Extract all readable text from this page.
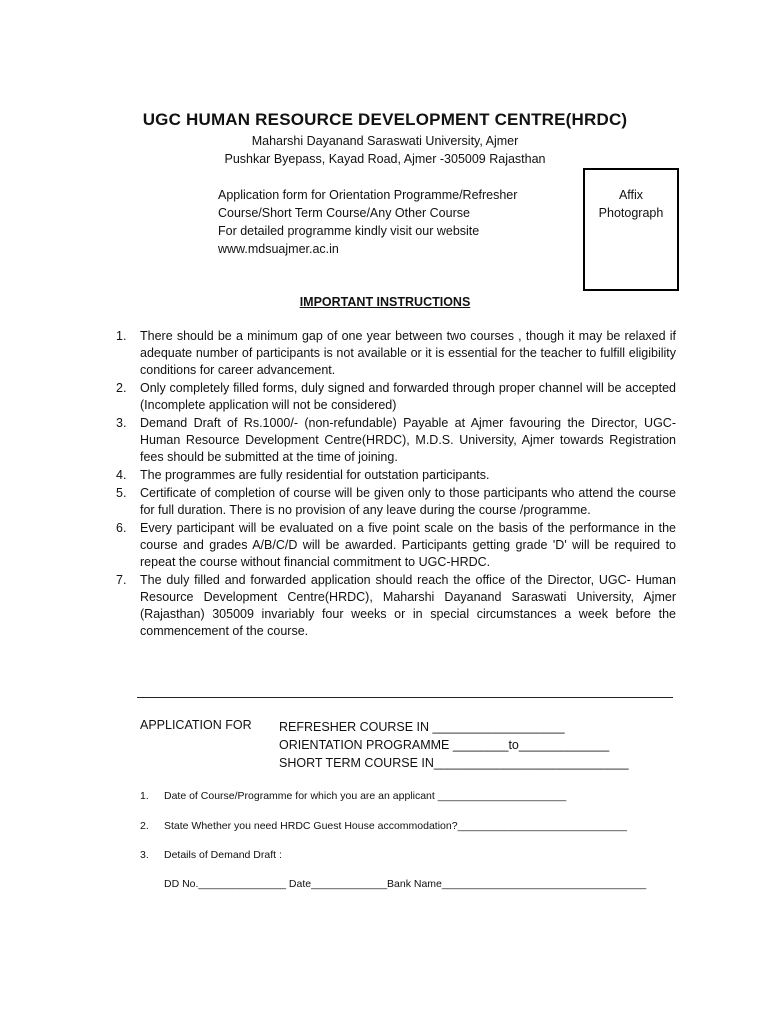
UGC HUMAN RESOURCE DEVELOPMENT CENTRE(HRDC)
Maharshi Dayanand Saraswati University, Ajmer
Pushkar Byepass, Kayad Road, Ajmer -305009 Rajasthan
Application form for Orientation Programme/Refresher
Course/Short Term Course/Any Other Course
For detailed programme kindly visit our website
www.mdsuajmer.ac.in
Affix
Photograph
IMPORTANT INSTRUCTIONS
1. There should be a minimum gap of one year between two courses , though it may be relaxed if adequate number of participants is not available or it is essential for the teacher to fulfill eligibility conditions for career advancement.
2. Only completely filled forms, duly signed and forwarded through proper channel will be accepted (Incomplete application will not be considered)
3. Demand Draft of Rs.1000/- (non-refundable) Payable at Ajmer favouring the Director, UGC-Human Resource Development Centre(HRDC), M.D.S. University, Ajmer towards Registration fees should be submitted at the time of joining.
4. The programmes are fully residential for outstation participants.
5. Certificate of completion of course will be given only to those participants who attend the course for full duration. There is no provision of any leave during the course /programme.
6. Every participant will be evaluated on a five point scale on the basis of the performance in the course and grades A/B/C/D will be awarded. Participants getting grade 'D' will be required to repeat the course without financial commitment to UGC-HRDC.
7. The duly filled and forwarded application should reach the office of the Director, UGC- Human Resource Development Centre(HRDC), Maharshi Dayanand Saraswati University, Ajmer (Rajasthan) 305009 invariably four weeks or in special circumstances a week before the commencement of the course.
APPLICATION FOR REFRESHER COURSE IN ___________________
ORIENTATION PROGRAMME ________to_____________
SHORT TERM COURSE IN____________________________
1. Date of Course/Programme for which you are an applicant ______________________
2. State Whether you need HRDC Guest House accommodation?_____________________________
3. Details of Demand Draft :
DD No._______________ Date_____________Bank Name___________________________________
